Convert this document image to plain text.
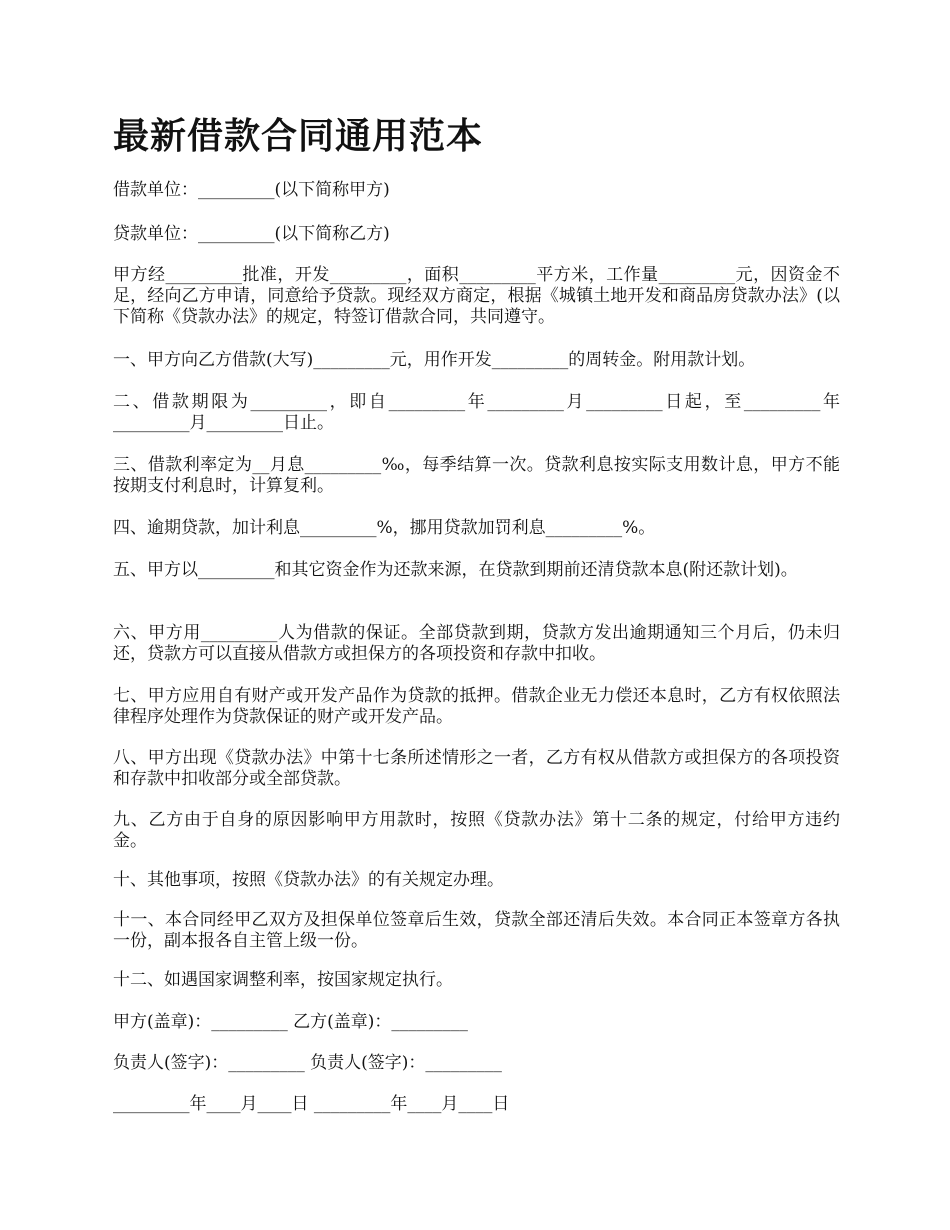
最新借款合同通用范本

借款单位：_________(以下简称甲方)

贷款单位：_________(以下简称乙方)

甲方经_________批准，开发_________，面积_________平方米，工作量_________元，因资金不足，经向乙方申请，同意给予贷款。现经双方商定，根据《城镇土地开发和商品房贷款办法》(以下简称《贷款办法》的规定，特签订借款合同，共同遵守。

一、甲方向乙方借款(大写)_________元，用作开发_________的周转金。附用款计划。

二、借款期限为_________，即自_________年_________月_________日起，至_________年_________月_________日止。

三、借款利率定为__月息_________‰，每季结算一次。贷款利息按实际支用数计息，甲方不能按期支付利息时，计算复利。

四、逾期贷款，加计利息_________%，挪用贷款加罚利息_________%。

五、甲方以_________和其它资金作为还款来源，在贷款到期前还清贷款本息(附还款计划)。

六、甲方用_________人为借款的保证。全部贷款到期，贷款方发出逾期通知三个月后，仍未归还，贷款方可以直接从借款方或担保方的各项投资和存款中扣收。

七、甲方应用自有财产或开发产品作为贷款的抵押。借款企业无力偿还本息时，乙方有权依照法律程序处理作为贷款保证的财产或开发产品。

八、甲方出现《贷款办法》中第十七条所述情形之一者，乙方有权从借款方或担保方的各项投资和存款中扣收部分或全部贷款。

九、乙方由于自身的原因影响甲方用款时，按照《贷款办法》第十二条的规定，付给甲方违约金。

十、其他事项，按照《贷款办法》的有关规定办理。

十一、本合同经甲乙双方及担保单位签章后生效，贷款全部还清后失效。本合同正本签章方各执一份，副本报各自主管上级一份。

十二、如遇国家调整利率，按国家规定执行。

甲方(盖章)：_________ 乙方(盖章)：_________

负责人(签字)：_________ 负责人(签字)：_________

_________年____月____日 _________年____月____日
